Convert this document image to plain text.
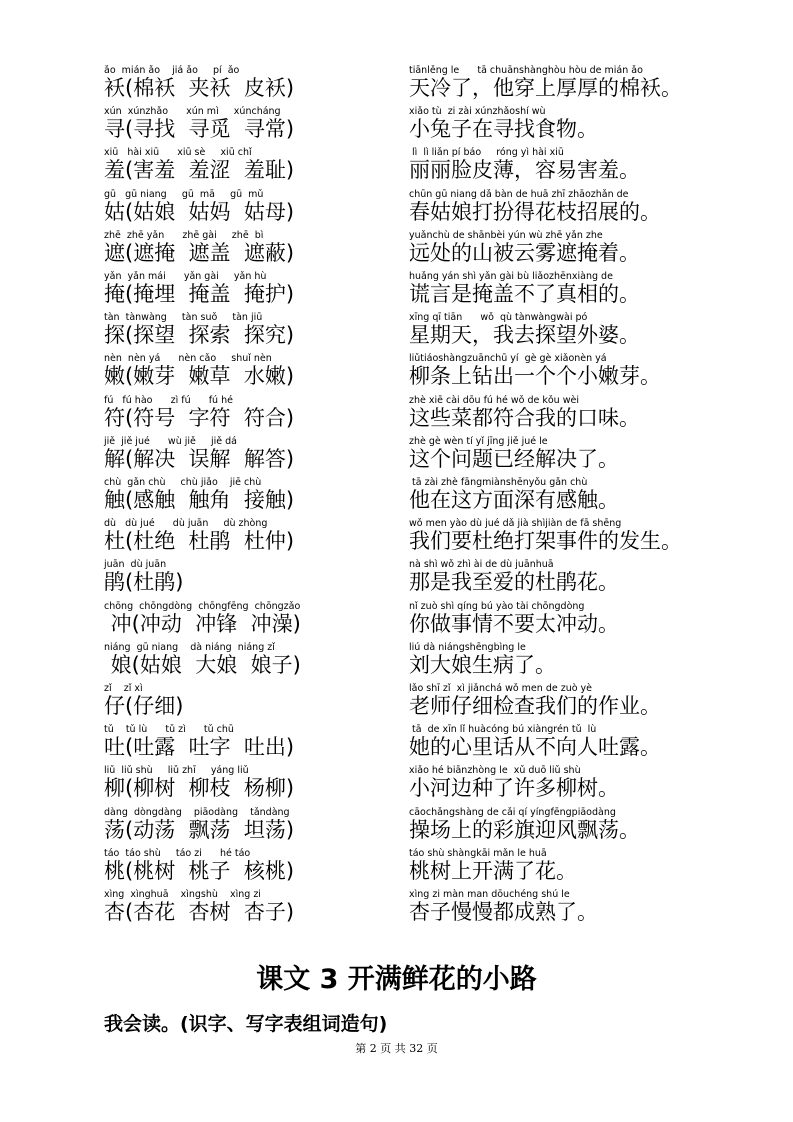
ǎo  mián ǎo    jiá ǎo     pí  ǎo
袄(棉袄  夹袄  皮袄)
tiānlěng le      tā chuānshànghòu hòu de mián ǎo
天冷了，他穿上厚厚的棉袄。
xún  xúnzhǎo      xún mì     xúncháng
寻(寻找  寻觅  寻常)
xiǎo tù  zi zài xúnzhǎoshí wù
小兔子在寻找食物。
xiū   hài xiū      xiū sè     xiū chǐ
羞(害羞  羞涩  羞耻)
lì  lì liǎn pí báo     róng yì hài xiū
丽丽脸皮薄，容易害羞。
gū   gū niang     gū  mā     gū  mǔ
姑(姑娘  姑妈  姑母)
chūn gū niang dǎ bàn de huā zhī zhāozhǎn de
春姑娘打扮得花枝招展的。
zhē  zhē yǎn      zhē gài     zhē  bì
遮(遮掩  遮盖  遮蔽)
yuǎnchù de shānbèi yún wù zhē yǎn zhe
远处的山被云雾遮掩着。
yǎn  yǎn mái      yǎn gài     yǎn hù
掩(掩埋  掩盖  掩护)
huǎng yán shì yǎn gài bù liǎozhēnxiàng de
谎言是掩盖不了真相的。
tàn  tànwàng     tàn suǒ     tàn jiū
探(探望  探索  探究)
xīng qī tiān      wǒ  qù tànwàngwài pó
星期天，我去探望外婆。
nèn  nèn yá      nèn cǎo     shuǐ nèn
嫩(嫩芽  嫩草  水嫩)
liǔtiáoshàngzuānchū yí  gè gè xiǎonèn yá
柳条上钻出一个个小嫩芽。
fú   fú hào      zì fú      fú hé
符(符号  字符  符合)
zhè xiē cài dōu fú hé wǒ de kǒu wèi
这些菜都符合我的口味。
jiě  jiě jué      wù jiě     jiě dá
解(解决  误解  解答)
zhè gè wèn tí yǐ jīng jiě jué le
这个问题已经解决了。
chù  gǎn chù     chù jiǎo    jiē chù
触(感触  触角  接触)
tā zài zhè fāngmiànshēnyǒu gǎn chù
他在这方面深有感触。
dù   dù jué      dù juān     dù zhòng
杜(杜绝  杜鹃  杜仲)
wǒ men yào dù jué dǎ jià shìjiàn de fā shēng
我们要杜绝打架事件的发生。
juān  dù juān
鹃(杜鹃)
nà shì wǒ zhì ài de dù juānhuā
那是我至爱的杜鹃花。
chōng  chōngdòng  chōngfēng  chōngzǎo
冲(冲动  冲锋  冲澡)
nǐ zuò shì qíng bú yào tài chōngdòng
你做事情不要太冲动。
niáng  gū niang    dà niáng  niáng zǐ
娘(姑娘  大娘  娘子)
liú dà niángshēngbìng le
刘大娘生病了。
zǐ    zǐ xì
仔(仔细)
lǎo shī zǐ  xì jiǎnchá wǒ men de zuò yè
老师仔细检查我们的作业。
tǔ    tǔ lù      tǔ zì      tǔ chū
吐(吐露  吐字  吐出)
tā  de xīn lǐ huàcóng bú xiàngrén tǔ  lù
她的心里话从不向人吐露。
liǔ  liǔ shù     liǔ zhī     yáng liǔ
柳(柳树  柳枝  杨柳)
xiǎo hé biānzhòng le  xǔ duō liǔ shù
小河边种了许多柳树。
dàng  dòngdàng    piāodàng    tǎndàng
荡(动荡  飘荡  坦荡)
cāochǎngshàng de cǎi qí yíngfēngpiāodàng
操场上的彩旗迎风飘荡。
táo  táo shù     táo zi      hé táo
桃(桃树  桃子  核桃)
táo shù shàngkāi mǎn le huā
桃树上开满了花。
xìng  xìnghuā    xìngshù    xìng zi
杏(杏花  杏树  杏子)
xìng zi màn man dōuchéng shú le
杏子慢慢都成熟了。
课文 3 开满鲜花的小路
我会读。(识字、写字表组词造句)
第 2 页 共 32 页
